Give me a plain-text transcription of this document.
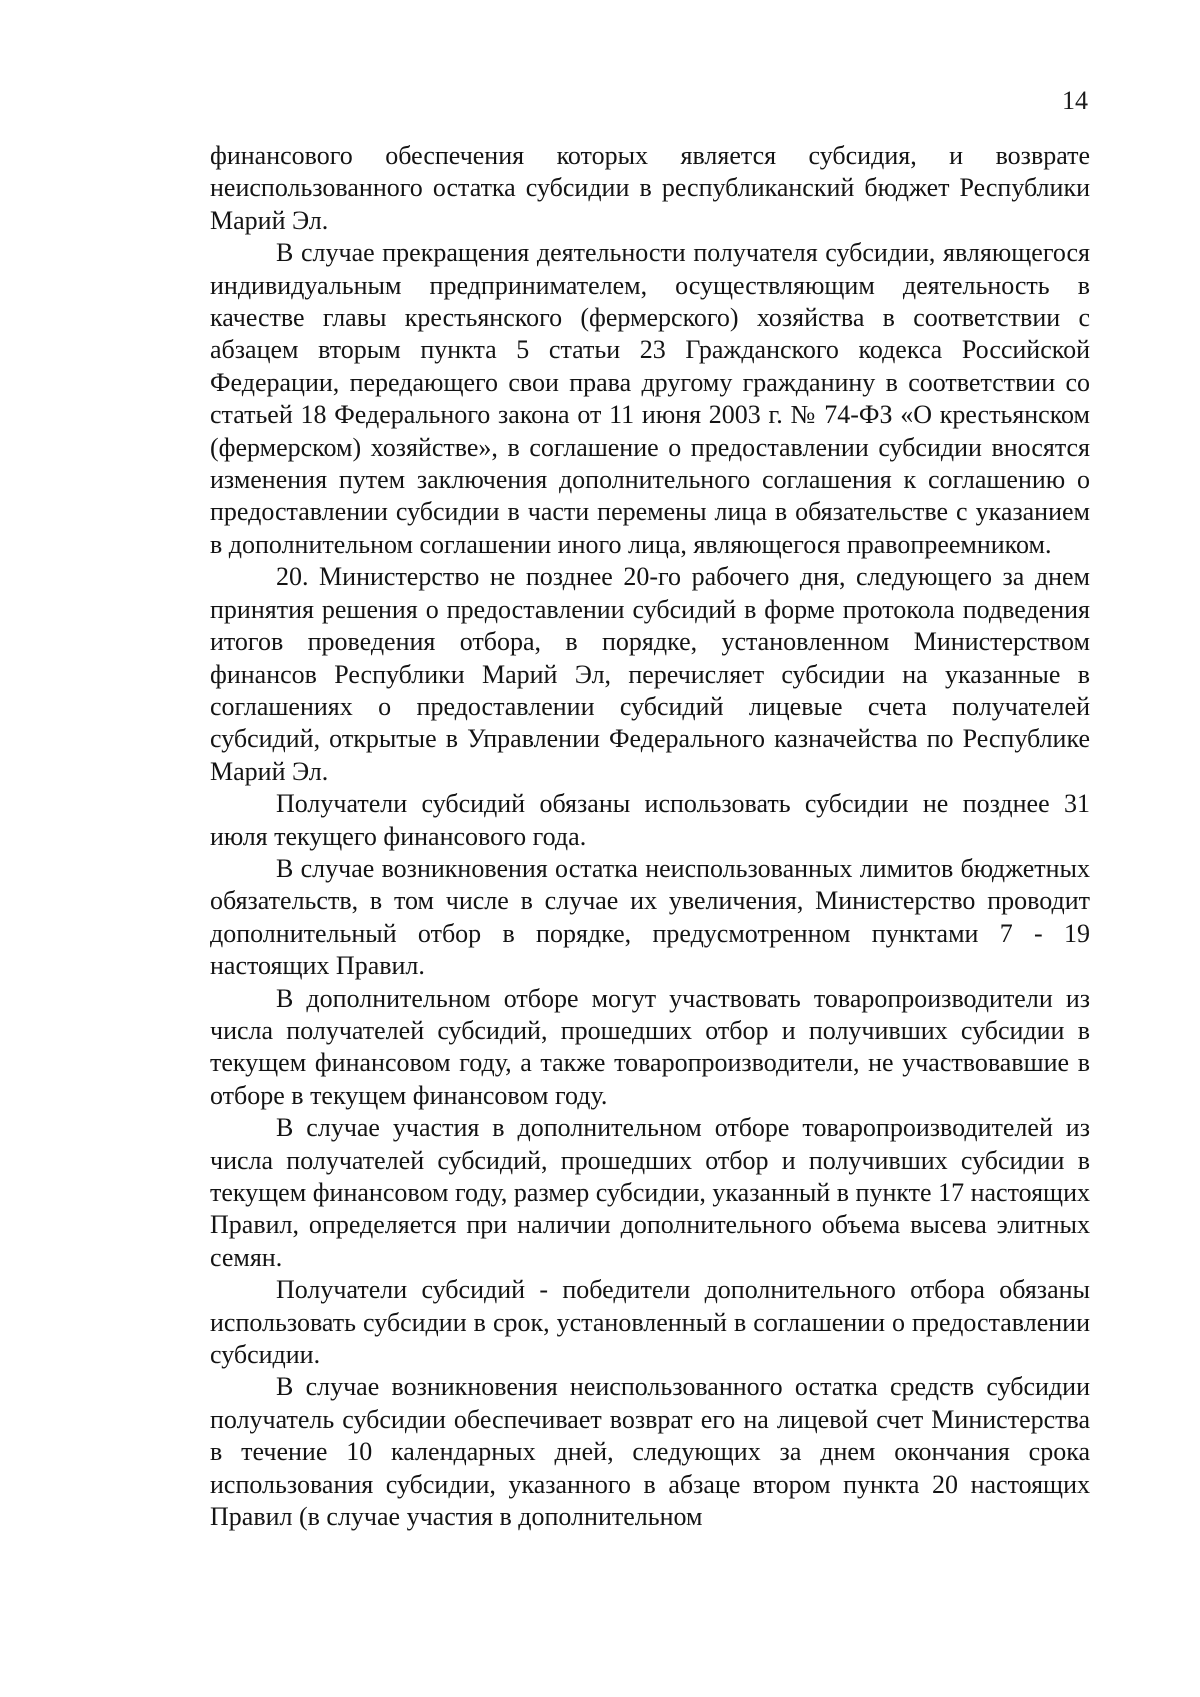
14

финансового обеспечения которых является субсидия, и возврате неиспользованного остатка субсидии в республиканский бюджет Республики Марий Эл.

В случае прекращения деятельности получателя субсидии, являющегося индивидуальным предпринимателем, осуществляющим деятельность в качестве главы крестьянского (фермерского) хозяйства в соответствии с абзацем вторым пункта 5 статьи 23 Гражданского кодекса Российской Федерации, передающего свои права другому гражданину в соответствии со статьей 18 Федерального закона от 11 июня 2003 г. № 74-ФЗ «О крестьянском (фермерском) хозяйстве», в соглашение о предоставлении субсидии вносятся изменения путем заключения дополнительного соглашения к соглашению о предоставлении субсидии в части перемены лица в обязательстве с указанием в дополнительном соглашении иного лица, являющегося правопреемником.

20. Министерство не позднее 20-го рабочего дня, следующего за днем принятия решения о предоставлении субсидий в форме протокола подведения итогов проведения отбора, в порядке, установленном Министерством финансов Республики Марий Эл, перечисляет субсидии на указанные в соглашениях о предоставлении субсидий лицевые счета получателей субсидий, открытые в Управлении Федерального казначейства по Республике Марий Эл.

Получатели субсидий обязаны использовать субсидии не позднее 31 июля текущего финансового года.

В случае возникновения остатка неиспользованных лимитов бюджетных обязательств, в том числе в случае их увеличения, Министерство проводит дополнительный отбор в порядке, предусмотренном пунктами 7 - 19 настоящих Правил.

В дополнительном отборе могут участвовать товаропроизводители из числа получателей субсидий, прошедших отбор и получивших субсидии в текущем финансовом году, а также товаропроизводители, не участвовавшие в отборе в текущем финансовом году.

В случае участия в дополнительном отборе товаропроизводителей из числа получателей субсидий, прошедших отбор и получивших субсидии в текущем финансовом году, размер субсидии, указанный в пункте 17 настоящих Правил, определяется при наличии дополнительного объема высева элитных семян.

Получатели субсидий - победители дополнительного отбора обязаны использовать субсидии в срок, установленный в соглашении о предоставлении субсидии.

В случае возникновения неиспользованного остатка средств субсидии получатель субсидии обеспечивает возврат его на лицевой счет Министерства в течение 10 календарных дней, следующих за днем окончания срока использования субсидии, указанного в абзаце втором пункта 20 настоящих Правил (в случае участия в дополнительном
